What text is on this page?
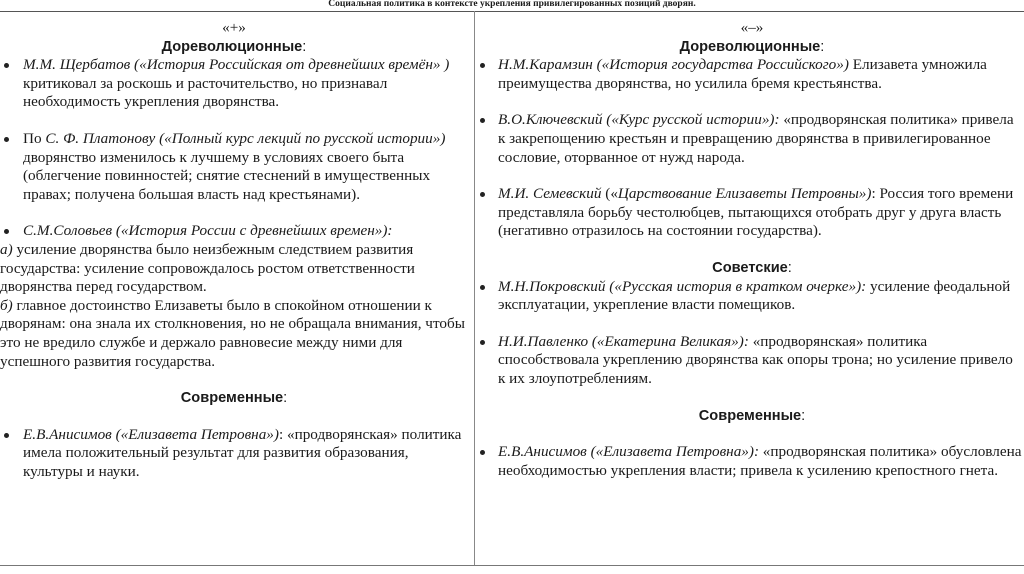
Социальная политика в контексте укрепления привилегированных позиций дворян.

«+»

Дореволюционные:

М.М. Щербатов («История Российская от древнейших времён» ) критиковал за роскошь и расточительство, но признавал необходимость укрепления дворянства.

По С. Ф. Платонову («Полный курс лекций по русской истории») дворянство изменилось к лучшему в условиях своего быта (облегчение повинностей; снятие стеснений в имущественных правах; получена большая власть над крестьянами).

С.М.Соловьев («История России с древнейших времен»):

а) усиление дворянства было неизбежным следствием развития государства: усиление сопровождалось ростом ответственности дворянства перед государством.

б) главное достоинство Елизаветы было в спокойном отношении к дворянам: она знала их столкновения, но не обращала внимания, чтобы это не вредило службе и держало равновесие между ними для успешного развития государства.

Современные:

Е.В.Анисимов («Елизавета Петровна»): «продворянская» политика имела положительный результат для развития образования, культуры и науки.

«–»

Дореволюционные:

Н.М.Карамзин («История государства Российского») Елизавета умножила преимущества дворянства, но усилила бремя крестьянства.

В.О.Ключевский («Курс русской истории»): «продворянская политика» привела к закрепощению крестьян и превращению дворянства в привилегированное сословие, оторванное от нужд народа.

М.И. Семевский («Царствование Елизаветы Петровны»): Россия того времени представляла борьбу честолюбцев, пытающихся отобрать друг у друга власть (негативно отразилось на состоянии государства).

Советские:

М.Н.Покровский («Русская история в кратком очерке»): усиление феодальной эксплуатации, укрепление власти помещиков.

Н.И.Павленко («Екатерина Великая»): «продворянская» политика способствовала укреплению дворянства как опоры трона; но усиление привело к их злоупотреблениям.

Современные:

Е.В.Анисимов («Елизавета Петровна»): «продворянская политика» обусловлена необходимостью укрепления власти; привела к усилению крепостного гнета.
